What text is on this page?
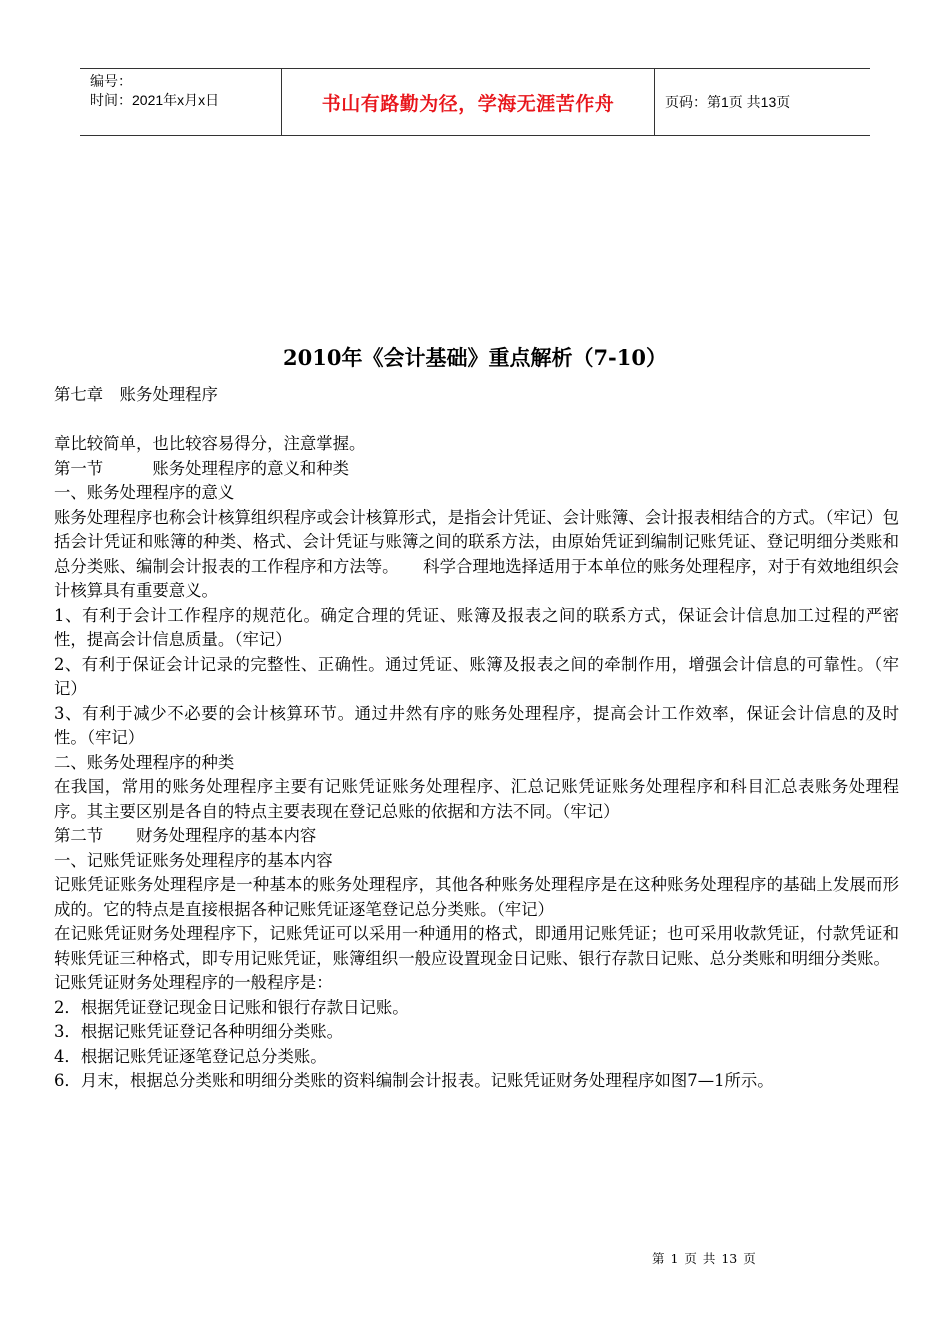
编号：
时间：2021年x月x日	书山有路勤为径，学海无涯苦作舟	页码：第1页 共13页
2010年《会计基础》重点解析（7-10）

第七章　账务处理程序

章比较简单，也比较容易得分，注意掌握。

第一节　　　账务处理程序的意义和种类

一、账务处理程序的意义

账务处理程序也称会计核算组织程序或会计核算形式，是指会计凭证、会计账簿、会计报表相结合的方式。（牢记）包括会计凭证和账簿的种类、格式、会计凭证与账簿之间的联系方法，由原始凭证到编制记账凭证、登记明细分类账和总分类账、编制会计报表的工作程序和方法等。　　科学合理地选择适用于本单位的账务处理程序，对于有效地组织会计核算具有重要意义。

1、有利于会计工作程序的规范化。确定合理的凭证、账簿及报表之间的联系方式，保证会计信息加工过程的严密性，提高会计信息质量。（牢记）

2、有利于保证会计记录的完整性、正确性。通过凭证、账簿及报表之间的牵制作用，增强会计信息的可靠性。（牢记）

3、有利于减少不必要的会计核算环节。通过井然有序的账务处理程序，提高会计工作效率，保证会计信息的及时性。（牢记）

二、账务处理程序的种类

在我国，常用的账务处理程序主要有记账凭证账务处理程序、汇总记账凭证账务处理程序和科目汇总表账务处理程序。其主要区别是各自的特点主要表现在登记总账的依据和方法不同。（牢记）

第二节　　财务处理程序的基本内容

一、记账凭证账务处理程序的基本内容

记账凭证账务处理程序是一种基本的账务处理程序，其他各种账务处理程序是在这种账务处理程序的基础上发展而形成的。它的特点是直接根据各种记账凭证逐笔登记总分类账。（牢记）

在记账凭证财务处理程序下，记账凭证可以采用一种通用的格式，即通用记账凭证；也可采用收款凭证，付款凭证和转账凭证三种格式，即专用记账凭证，账簿组织一般应设置现金日记账、银行存款日记账、总分类账和明细分类账。

记账凭证财务处理程序的一般程序是：

2．根据凭证登记现金日记账和银行存款日记账。

3．根据记账凭证登记各种明细分类账。

4．根据记账凭证逐笔登记总分类账。

6．月末，根据总分类账和明细分类账的资料编制会计报表。记账凭证财务处理程序如图7—1所示。

第 1 页 共 13 页
